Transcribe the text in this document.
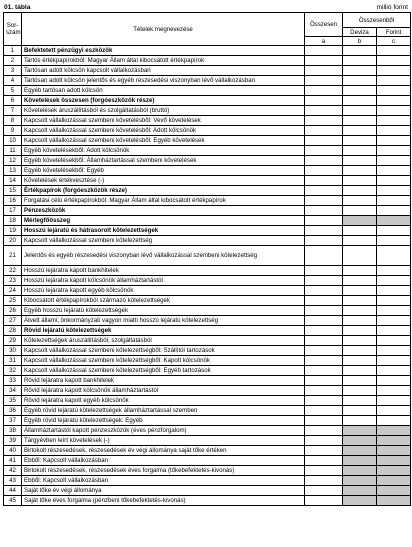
01. tábla	millió forint
Sor- szám	Tételek megnevezése	Összesen	Összesenből	
			Deviza	Forint
		a	b	c
1	Befektetett pénzügyi eszközök			
2	Tartós értékpapírokból: Magyar Állam által kibocsátott értékpapírok			
3	Tartósan adott kölcsön kapcsolt vállalkozásban			
4	Tartósan adott kölcsön jelentős és egyéb részesedési viszonyban lévő vállalkozásban			
5	Egyéb tartósan adott kölcsön			
6	Követelések összesen (forgóeszközök része)			
7	Követelések áruszállításból és szolgáltatásból (bruttó)			
8	Kapcsolt vállalkozással szembeni követelésből: Vevő követelések			
9	Kapcsolt vállalkozással szembeni követelésből: Adott kölcsönök			
10	Kapcsolt vállalkozással szembeni követelésből: Egyéb követelések			
11	Egyéb követelésekből: Adott kölcsönök			
12	Egyéb követelésekből: Államháztartással szembeni követelések			
13	Egyéb követelésekből: Egyéb			
14	Követelések értékvesztése (-)			
15	Értékpapírok (forgóeszközök része)			
16	Forgatási célú értékpapírokból: Magyar Állam által kibocsátott értékpapírok			
17	Pénzeszközök			
18	Mérlegfőösszeg			
19	Hosszú lejáratú és hátrasorolt kötelezettségek			
20	Kapcsolt vállalkozással szembeni kötelezettség			
21	Jelentős és egyéb részesedési viszonyban lévő vállalkozással szembeni kötelezettség			
22	Hosszú lejáratra kapott bankhitelek			
23	Hosszú lejáratra kapott kölcsönök államháztartástól			
24	Hosszú lejáratra kapott egyéb kölcsönök			
25	Kibocsátott értékpapírokból származó kötelezettségek			
26	Egyéb hosszú lejáratú kötelezettségek			
27	Átvett állami, önkormányzati vagyon miatti hosszú lejáratú kötelezettség			
28	Rövid lejáratú kötelezettségek			
29	Kötelezettségek áruszállításból, szolgáltatásból			
30	Kapcsolt vállalkozással szembeni kötelezettségből: Szállítói tartozások			
31	Kapcsolt vállalkozással szembeni kötelezettségből: Kapott kölcsönök			
32	Kapcsolt vállalkozással szembeni kötelezettségből: Egyéb tartozások			
33	Rövid lejáratra kapott bankhitelek			
34	Rövid lejáratra kapott kölcsönök államháztartástól			
35	Rövid lejáratra kapott egyéb kölcsönök			
36	Egyéb rövid lejáratú kötelezettségek államháztartással szemben			
37	Egyéb rövid lejáratú kötelezettségek: Egyéb			
38	Államháztartástól kapott pénzeszközök (éves pénzforgalom)			
39	Tárgyévben leírt követelések (-)			
40	Birtokolt részesedések, részesedések év végi állománya saját tőke értéken			
41	Ebből: Kapcsolt vállalkozásban			
42	Birtokolt részesedések, részesedések éves forgalma (tőkebefektetés-kivonás)			
43	Ebből: Kapcsolt vállalkozásban			
44	Saját tőke év végi állománya			
45	Saját tőke éves forgalma (pénzbeni tőkebefektetés-kivonás)			
